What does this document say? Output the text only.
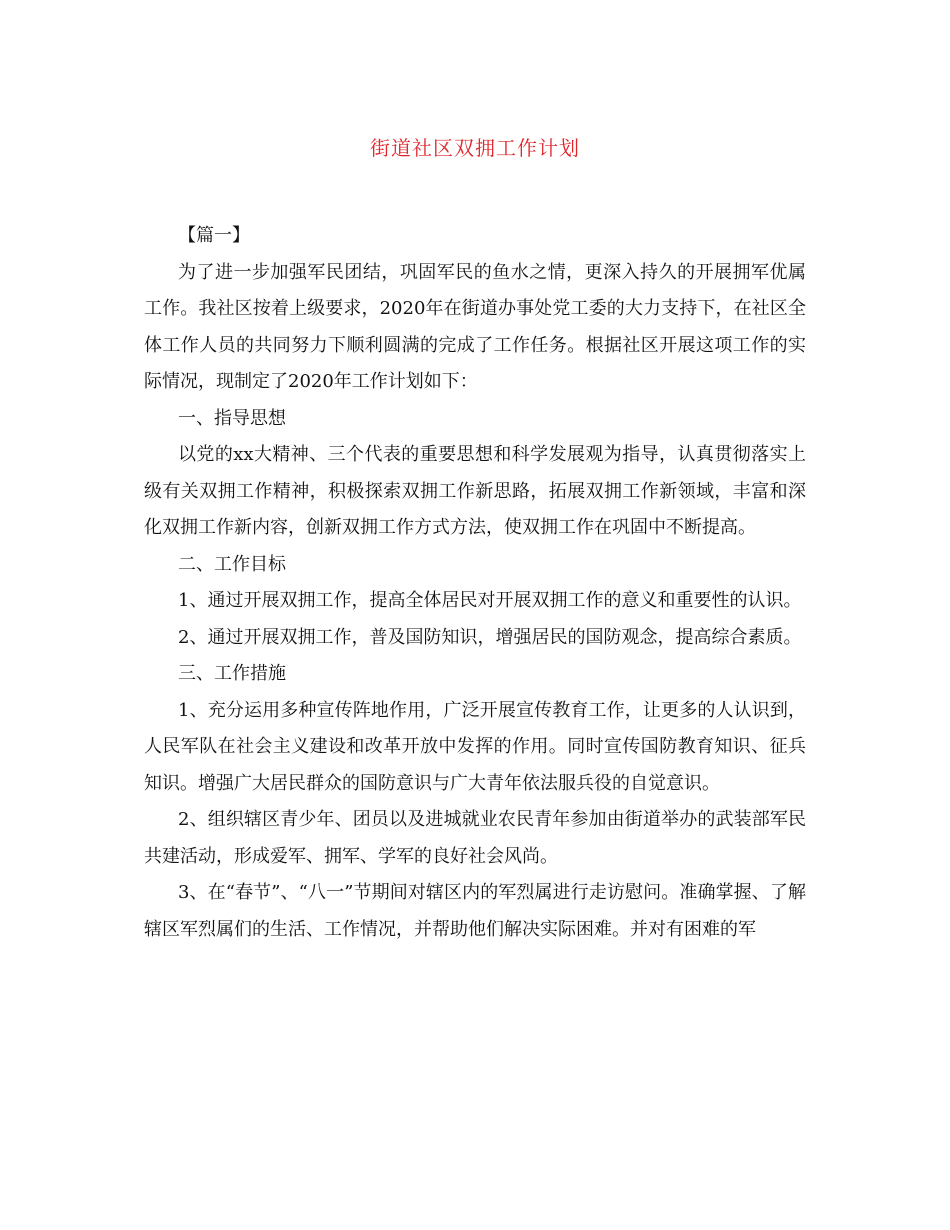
街道社区双拥工作计划

【篇一】

为了进一步加强军民团结，巩固军民的鱼水之情，更深入持久的开展拥军优属工作。我社区按着上级要求，2020年在街道办事处党工委的大力支持下，在社区全体工作人员的共同努力下顺利圆满的完成了工作任务。根据社区开展这项工作的实际情况，现制定了2020年工作计划如下：

一、指导思想

以党的xx大精神、三个代表的重要思想和科学发展观为指导，认真贯彻落实上级有关双拥工作精神，积极探索双拥工作新思路，拓展双拥工作新领域，丰富和深化双拥工作新内容，创新双拥工作方式方法，使双拥工作在巩固中不断提高。

二、工作目标

1、通过开展双拥工作，提高全体居民对开展双拥工作的意义和重要性的认识。

2、通过开展双拥工作，普及国防知识，增强居民的国防观念，提高综合素质。

三、工作措施

1、充分运用多种宣传阵地作用，广泛开展宣传教育工作，让更多的人认识到，人民军队在社会主义建设和改革开放中发挥的作用。同时宣传国防教育知识、征兵知识。增强广大居民群众的国防意识与广大青年依法服兵役的自觉意识。

2、组织辖区青少年、团员以及进城就业农民青年参加由街道举办的武装部军民共建活动，形成爱军、拥军、学军的良好社会风尚。

3、在“春节”、“八一”节期间对辖区内的军烈属进行走访慰问。准确掌握、了解辖区军烈属们的生活、工作情况，并帮助他们解决实际困难。并对有困难的军
